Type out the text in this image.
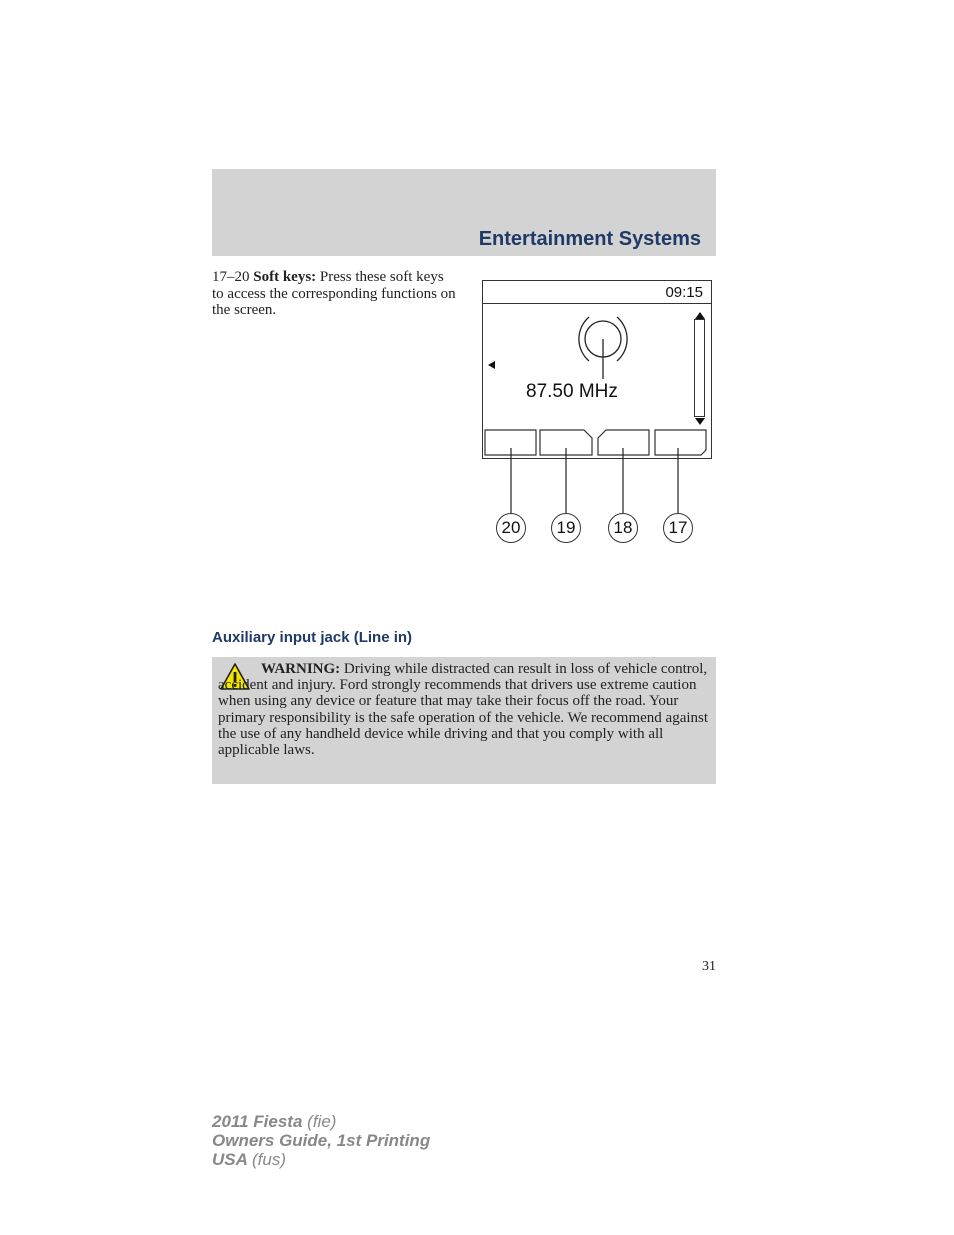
Entertainment Systems
17–20 Soft keys: Press these soft keys to access the corresponding functions on the screen.
09:15
87.50 MHz
20	19	18	17
Auxiliary input jack (Line in)
WARNING: Driving while distracted can result in loss of vehicle control, accident and injury. Ford strongly recommends that drivers use extreme caution when using any device or feature that may take their focus off the road. Your primary responsibility is the safe operation of the vehicle. We recommend against the use of any handheld device while driving and that you comply with all applicable laws.
31
2011 Fiesta (fie)
Owners Guide, 1st Printing
USA (fus)
